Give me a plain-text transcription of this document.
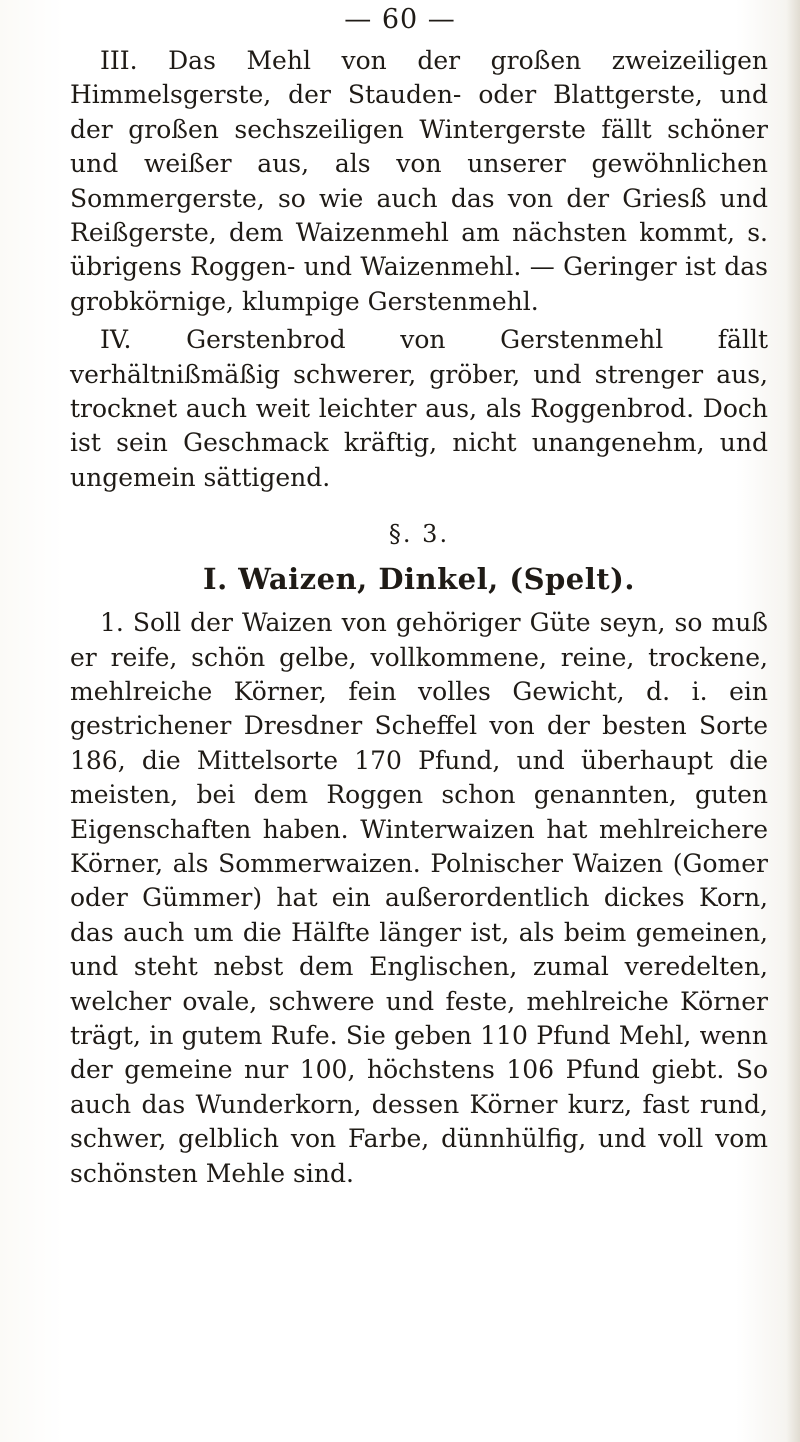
— 60 —

III. Das Mehl von der großen zweizeiligen Himmelsgerste, der Stauden- oder Blattgerste, und der großen sechszeiligen Wintergerste fällt schöner und weißer aus, als von unserer gewöhnlichen Sommergerste, so wie auch das von der Griesß und Reißgerste, dem Waizenmehl am nächsten kommt, s. übrigens Roggen- und Waizenmehl. — Geringer ist das grobkörnige, klumpige Gerstenmehl.

IV. Gerstenbrod von Gerstenmehl fällt verhältnißmäßig schwerer, gröber, und strenger aus, trocknet auch weit leichter aus, als Roggenbrod. Doch ist sein Geschmack kräftig, nicht unangenehm, und ungemein sättigend.

§. 3.
I. Waizen, Dinkel, (Spelt).

1. Soll der Waizen von gehöriger Güte seyn, so muß er reife, schön gelbe, vollkommene, reine, trockene, mehlreiche Körner, fein volles Gewicht, d. i. ein gestrichener Dresdner Scheffel von der besten Sorte 186, die Mittelsorte 170 Pfund, und überhaupt die meisten, bei dem Roggen schon genannten, guten Eigenschaften haben. Winterwaizen hat mehlreichere Körner, als Sommerwaizen. Polnischer Waizen (Gomer oder Gümmer) hat ein außerordentlich dickes Korn, das auch um die Hälfte länger ist, als beim gemeinen, und steht nebst dem Englischen, zumal veredelten, welcher ovale, schwere und feste, mehlreiche Körner trägt, in gutem Rufe. Sie geben 110 Pfund Mehl, wenn der gemeine nur 100, höchstens 106 Pfund giebt. So auch das Wunderkorn, dessen Körner kurz, fast rund, schwer, gelblich von Farbe, dünnhülfig, und voll vom schönsten Mehle sind.
